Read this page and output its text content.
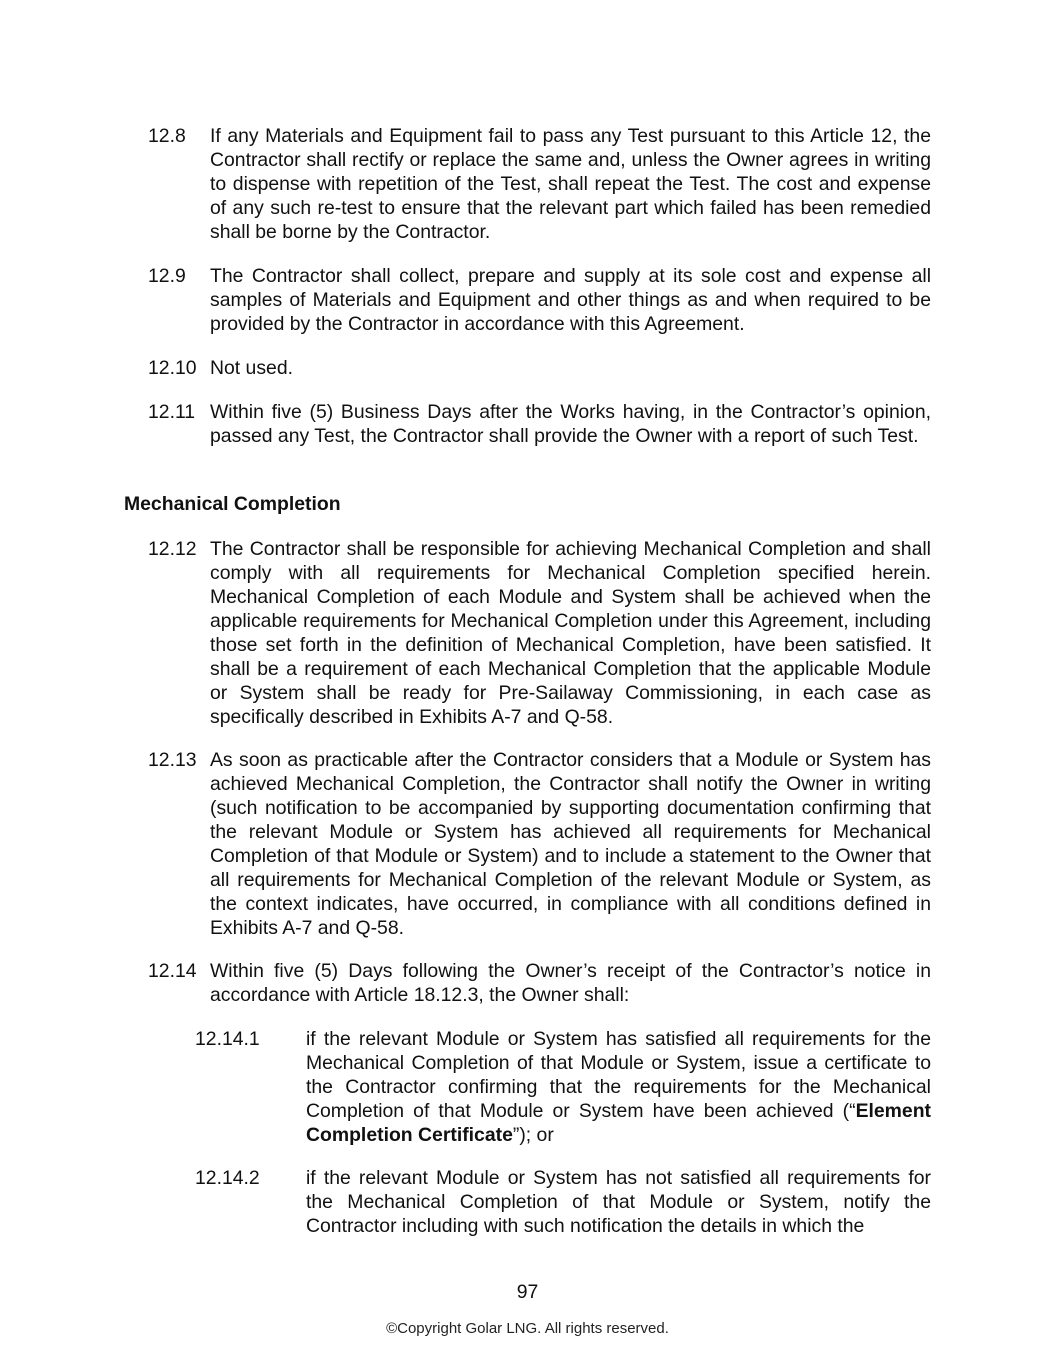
12.8 If any Materials and Equipment fail to pass any Test pursuant to this Article 12, the Contractor shall rectify or replace the same and, unless the Owner agrees in writing to dispense with repetition of the Test, shall repeat the Test. The cost and expense of any such re-test to ensure that the relevant part which failed has been remedied shall be borne by the Contractor.
12.9 The Contractor shall collect, prepare and supply at its sole cost and expense all samples of Materials and Equipment and other things as and when required to be provided by the Contractor in accordance with this Agreement.
12.10 Not used.
12.11 Within five (5) Business Days after the Works having, in the Contractor’s opinion, passed any Test, the Contractor shall provide the Owner with a report of such Test.
Mechanical Completion
12.12 The Contractor shall be responsible for achieving Mechanical Completion and shall comply with all requirements for Mechanical Completion specified herein. Mechanical Completion of each Module and System shall be achieved when the applicable requirements for Mechanical Completion under this Agreement, including those set forth in the definition of Mechanical Completion, have been satisfied. It shall be a requirement of each Mechanical Completion that the applicable Module or System shall be ready for Pre-Sailaway Commissioning, in each case as specifically described in Exhibits A-7 and Q-58.
12.13 As soon as practicable after the Contractor considers that a Module or System has achieved Mechanical Completion, the Contractor shall notify the Owner in writing (such notification to be accompanied by supporting documentation confirming that the relevant Module or System has achieved all requirements for Mechanical Completion of that Module or System) and to include a statement to the Owner that all requirements for Mechanical Completion of the relevant Module or System, as the context indicates, have occurred, in compliance with all conditions defined in Exhibits A-7 and Q-58.
12.14 Within five (5) Days following the Owner’s receipt of the Contractor’s notice in accordance with Article 18.12.3, the Owner shall:
12.14.1 if the relevant Module or System has satisfied all requirements for the Mechanical Completion of that Module or System, issue a certificate to the Contractor confirming that the requirements for the Mechanical Completion of that Module or System have been achieved (“Element Completion Certificate”); or
12.14.2 if the relevant Module or System has not satisfied all requirements for the Mechanical Completion of that Module or System, notify the Contractor including with such notification the details in which the
97
©Copyright Golar LNG. All rights reserved.
